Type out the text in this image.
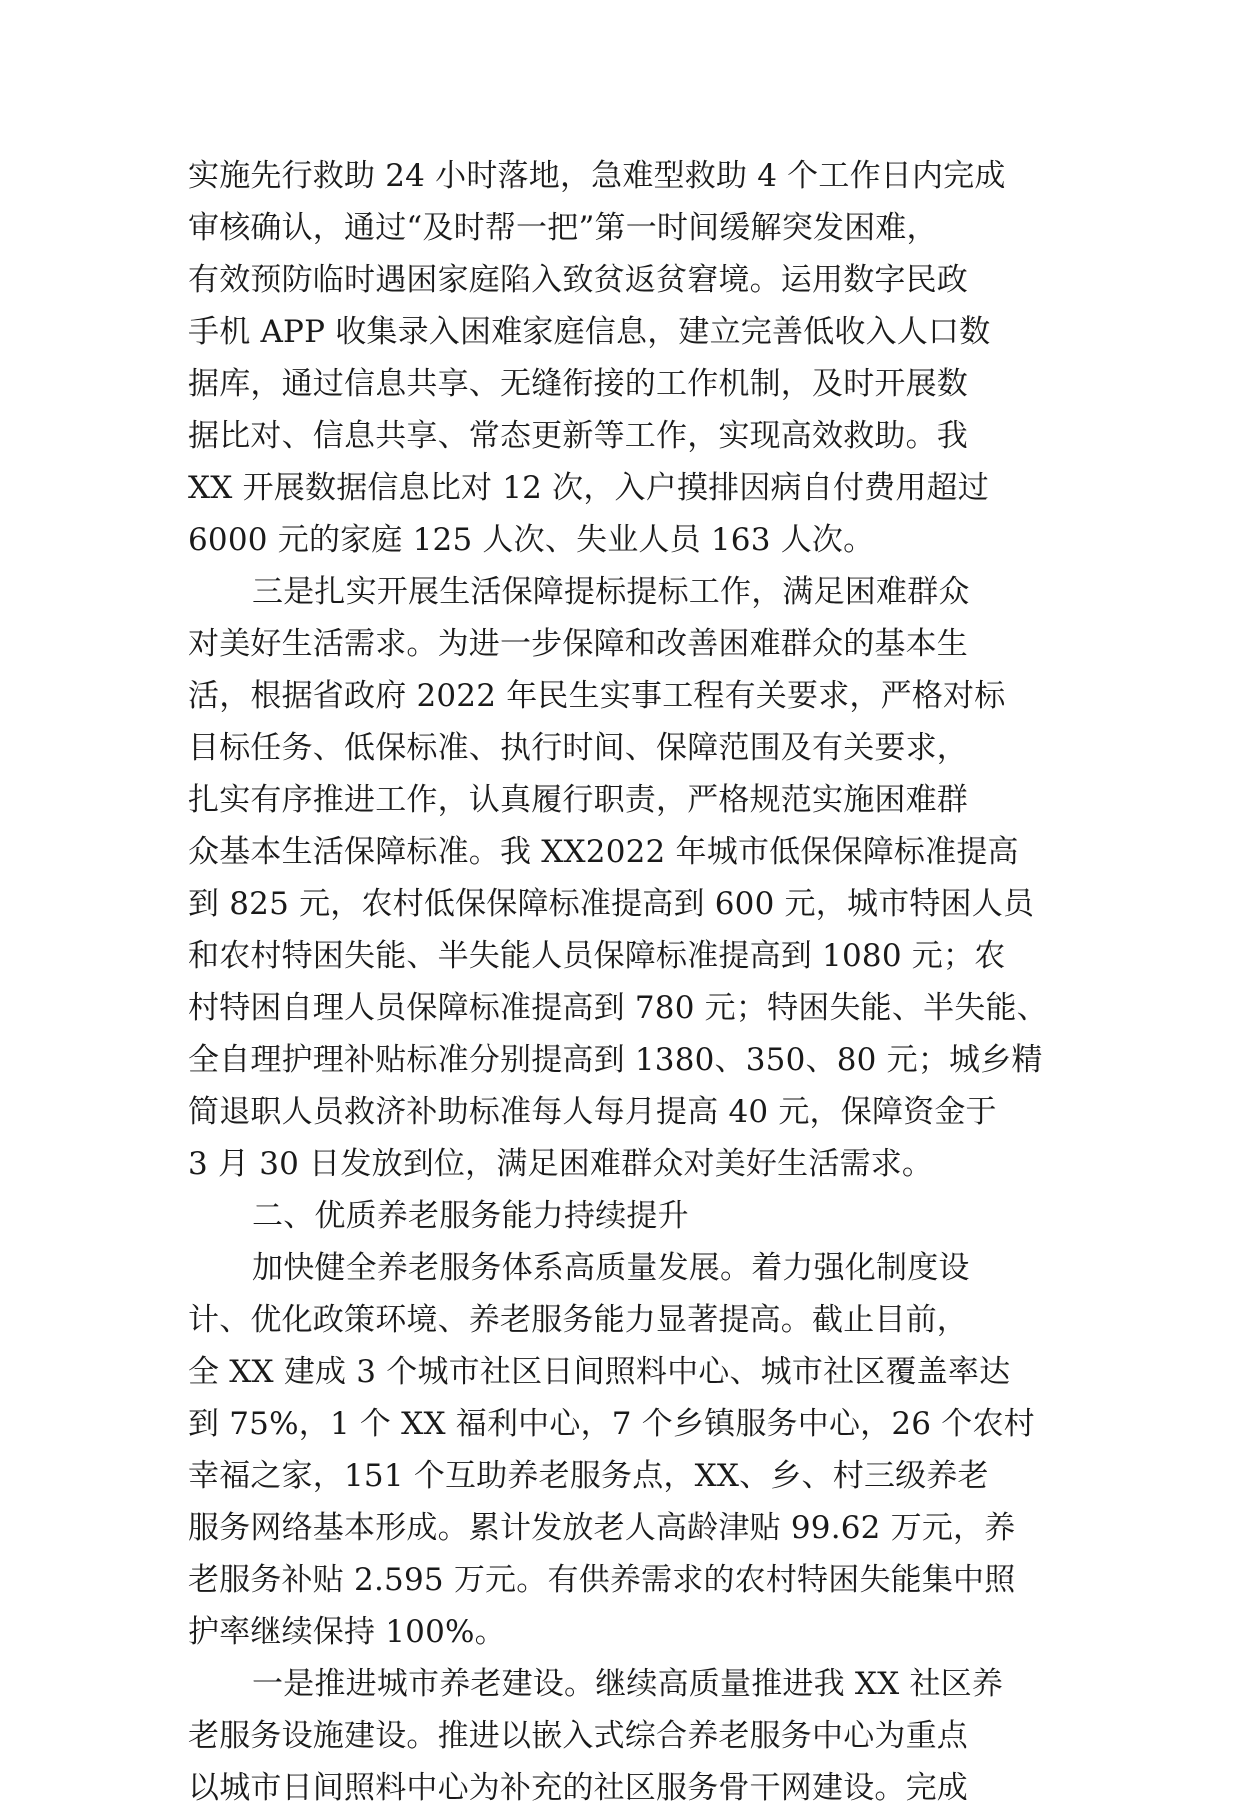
实施先行救助 24 小时落地，急难型救助 4 个工作日内完成
审核确认，通过“及时帮一把”第一时间缓解突发困难，
有效预防临时遇困家庭陷入致贫返贫窘境。运用数字民政
手机 APP 收集录入困难家庭信息，建立完善低收入人口数
据库，通过信息共享、无缝衔接的工作机制，及时开展数
据比对、信息共享、常态更新等工作，实现高效救助。我
XX 开展数据信息比对 12 次，入户摸排因病自付费用超过
6000 元的家庭 125 人次、失业人员 163 人次。
三是扎实开展生活保障提标提标工作，满足困难群众
对美好生活需求。为进一步保障和改善困难群众的基本生
活，根据省政府 2022 年民生实事工程有关要求，严格对标
目标任务、低保标准、执行时间、保障范围及有关要求，
扎实有序推进工作，认真履行职责，严格规范实施困难群
众基本生活保障标准。我 XX2022 年城市低保保障标准提高
到 825 元，农村低保保障标准提高到 600 元，城市特困人员
和农村特困失能、半失能人员保障标准提高到 1080 元；农
村特困自理人员保障标准提高到 780 元；特困失能、半失能、
全自理护理补贴标准分别提高到 1380、350、80 元；城乡精
简退职人员救济补助标准每人每月提高 40 元，保障资金于
3 月 30 日发放到位，满足困难群众对美好生活需求。
二、优质养老服务能力持续提升
加快健全养老服务体系高质量发展。着力强化制度设
计、优化政策环境、养老服务能力显著提高。截止目前，
全 XX 建成 3 个城市社区日间照料中心、城市社区覆盖率达
到 75%，1 个 XX 福利中心，7 个乡镇服务中心，26 个农村
幸福之家，151 个互助养老服务点，XX、乡、村三级养老
服务网络基本形成。累计发放老人高龄津贴 99.62 万元，养
老服务补贴 2.595 万元。有供养需求的农村特困失能集中照
护率继续保持 100%。
一是推进城市养老建设。继续高质量推进我 XX 社区养
老服务设施建设。推进以嵌入式综合养老服务中心为重点
以城市日间照料中心为补充的社区服务骨干网建设。完成
